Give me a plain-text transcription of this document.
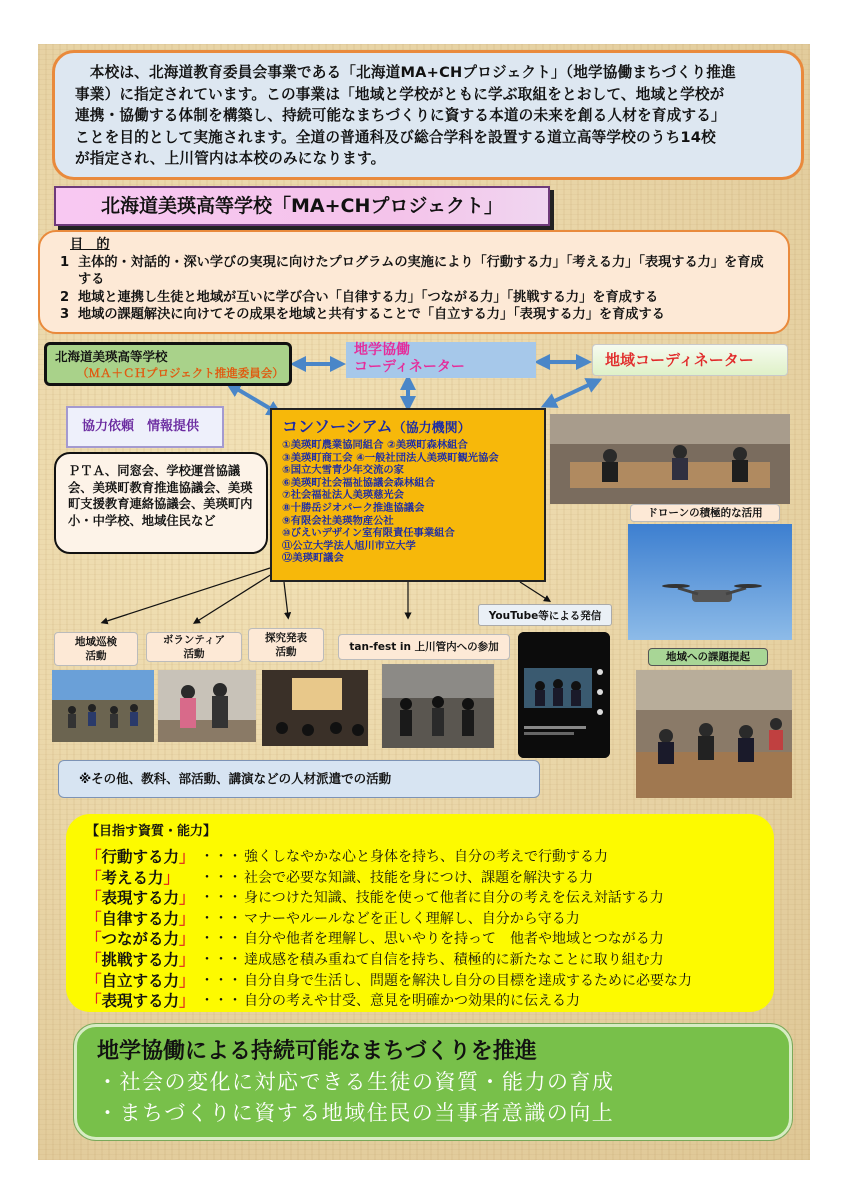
　本校は、北海道教育委員会事業である「北海道MA+CHプロジェクト」（地学協働まちづくり推進
事業）に指定されています。この事業は「地域と学校がともに学ぶ取組をとおして、地域と学校が
連携・協働する体制を構築し、持続可能なまちづくりに資する本道の未来を創る人材を育成する」
ことを目的として実施されます。全道の普通科及び総合学科を設置する道立高等学校のうち14校
が指定され、上川管内は本校のみになります。
北海道美瑛高等学校「MA+CHプロジェクト」
目　的
1 主体的・対話的・深い学びの実現に向けたプログラムの実施により「行動する力」「考える力」「表現する力」を育成する
2 地域と連携し生徒と地域が互いに学び合い「自律する力」「つながる力」「挑戦する力」を育成する
3 地域の課題解決に向けてその成果を地域と共有することで「自立する力」「表現する力」を育成する
北海道美瑛高等学校
（ＭＡ＋ＣＨプロジェクト推進委員会）
地学協働
コーディネーター	地域コーディネーター
協力依頼　情報提供
ＰＴＡ、同窓会、学校運営協議会、美瑛町教育推進協議会、美瑛町支援教育連絡協議会、美瑛町内小・中学校、地域住民など
コンソーシアム（協力機関）
①美瑛町農業協同組合 ②美瑛町森林組合
③美瑛町商工会 ④一般社団法人美瑛町観光協会
⑤国立大雪青少年交流の家
⑥美瑛町社会福祉協議会森林組合
⑦社会福祉法人美瑛慈光会
⑧十勝岳ジオパーク推進協議会
⑨有限会社美瑛物産公社
⑩びえいデザイン室有限責任事業組合
⑪公立大学法人旭川市立大学
⑫美瑛町議会
ドローンの積極的な活用
地域への課題提起
YouTube等による発信
地域巡検
活動
ボランティア
活動
探究発表
活動	tan-fest in 上川管内への参加
※その他、教科、部活動、講演などの人材派遣での活動
【目指す資質・能力】
「行動する力」 ・・・ 強くしなやかな心と身体を持ち、自分の考えで行動する力
「考える力」	・・・ 社会で必要な知識、技能を身につけ、課題を解決する力
「表現する力」 ・・・ 身につけた知識、技能を使って他者に自分の考えを伝え対話する力
「自律する力」 ・・・ マナーやルールなどを正しく理解し、自分から守る力
「つながる力」 ・・・ 自分や他者を理解し、思いやりを持って　他者や地域とつながる力
「挑戦する力」 ・・・ 達成感を積み重ねて自信を持ち、積極的に新たなことに取り組む力
「自立する力」 ・・・ 自分自身で生活し、問題を解決し自分の目標を達成するために必要な力
「表現する力」 ・・・ 自分の考えや甘受、意見を明確かつ効果的に伝える力
地学協働による持続可能なまちづくりを推進
・社会の変化に対応できる生徒の資質・能力の育成
・まちづくりに資する地域住民の当事者意識の向上
